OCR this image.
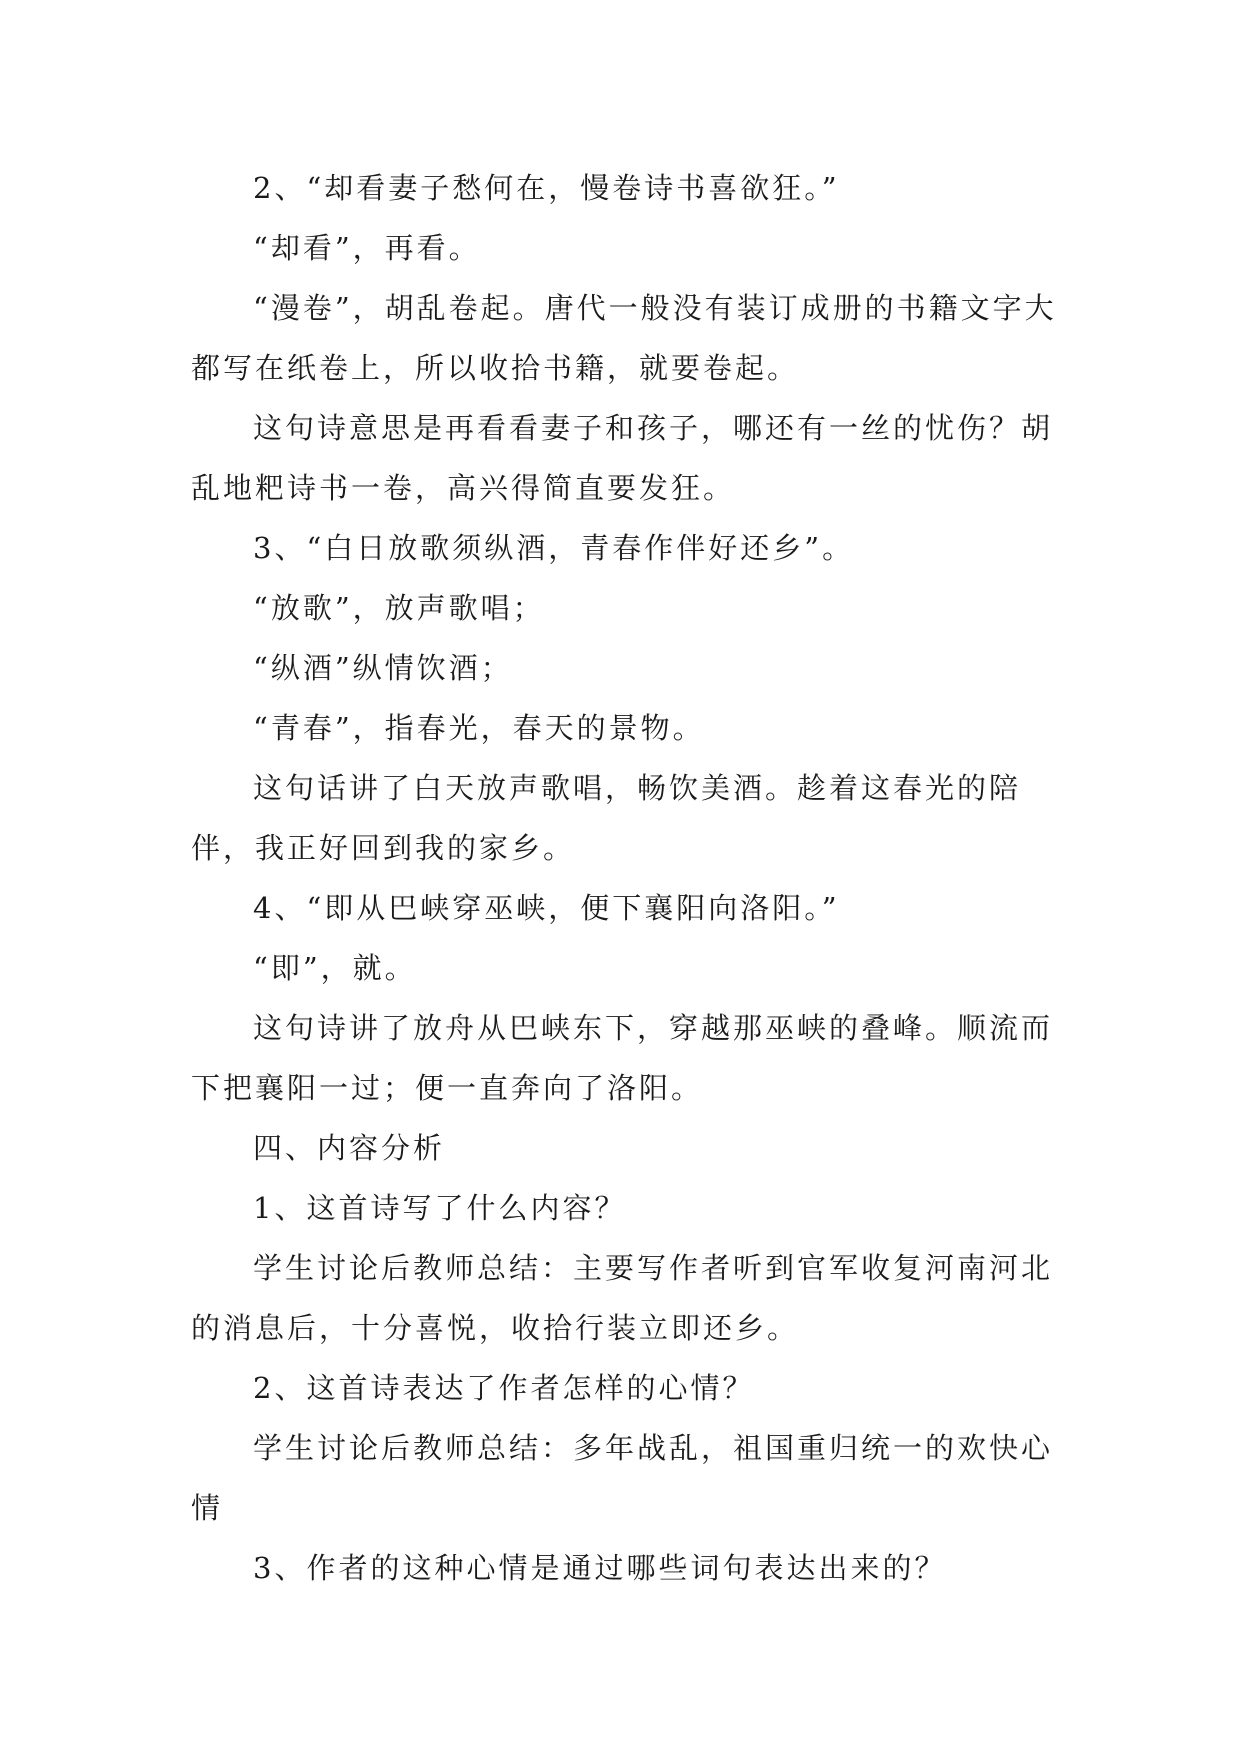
2、“却看妻子愁何在，慢卷诗书喜欲狂。”

“却看”，再看。

“漫卷”，胡乱卷起。唐代一般没有装订成册的书籍文字大都写在纸卷上，所以收拾书籍，就要卷起。

这句诗意思是再看看妻子和孩子，哪还有一丝的忧伤？胡乱地粑诗书一卷，高兴得简直要发狂。

3、“白日放歌须纵酒，青春作伴好还乡”。

“放歌”，放声歌唱；

“纵酒”纵情饮酒；

“青春”，指春光，春天的景物。

这句话讲了白天放声歌唱，畅饮美酒。趁着这春光的陪伴，我正好回到我的家乡。

4、“即从巴峡穿巫峡，便下襄阳向洛阳。”

“即”，就。

这句诗讲了放舟从巴峡东下，穿越那巫峡的叠峰。顺流而下把襄阳一过；便一直奔向了洛阳。

四、内容分析

1、这首诗写了什么内容？

学生讨论后教师总结：主要写作者听到官军收复河南河北的消息后，十分喜悦，收拾行装立即还乡。

2、这首诗表达了作者怎样的心情？

学生讨论后教师总结：多年战乱，祖国重归统一的欢快心情

3、作者的这种心情是通过哪些词句表达出来的？
